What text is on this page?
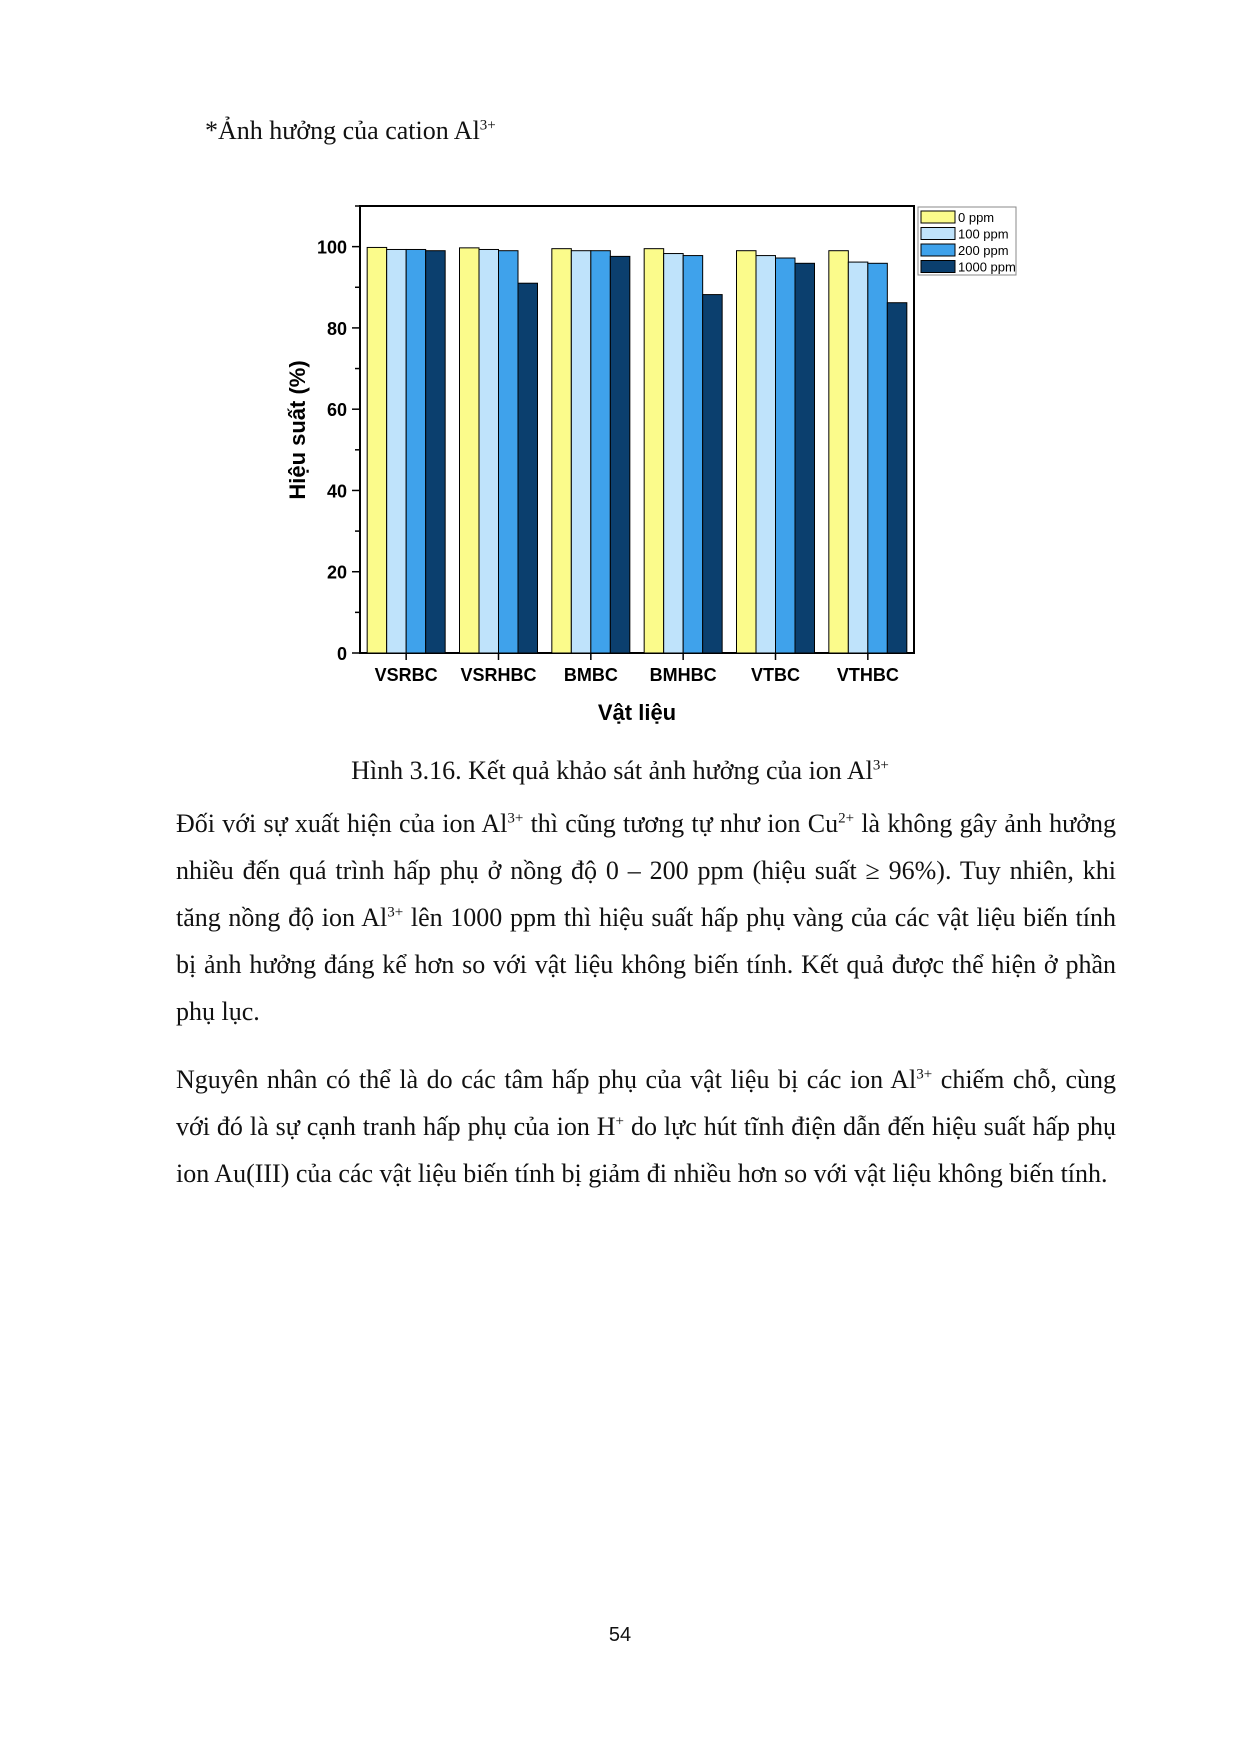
*Ảnh hưởng của cation $Al^{3+}$
0
20
40
60
80
100
VSRBC VSRHBC BMBC BMHBC VTBC VTHBC
Hiệu suất (%)
Vật liệu
0 ppm
100 ppm
200 ppm
1000 ppm
Hình 3.16. Kết quả khảo sát ảnh hưởng của ion $Al^{3+}$

Đối với sự xuất hiện của ion $Al^{3+}$ thì cũng tương tự như ion $Cu^{2+}$ là không gây ảnh hưởng nhiều đến quá trình hấp phụ ở nồng độ 0 – 200 ppm (hiệu suất ≥ 96%). Tuy nhiên, khi tăng nồng độ ion $Al^{3+}$ lên 1000 ppm thì hiệu suất hấp phụ vàng của các vật liệu biến tính bị ảnh hưởng đáng kể hơn so với vật liệu không biến tính. Kết quả được thể hiện ở phần phụ lục.

Nguyên nhân có thể là do các tâm hấp phụ của vật liệu bị các ion $Al^{3+}$ chiếm chỗ, cùng với đó là sự cạnh tranh hấp phụ của ion H+ do lực hút tĩnh điện dẫn đến hiệu suất hấp phụ ion Au(III) của các vật liệu biến tính bị giảm đi nhiều hơn so với vật liệu không biến tính.

54
